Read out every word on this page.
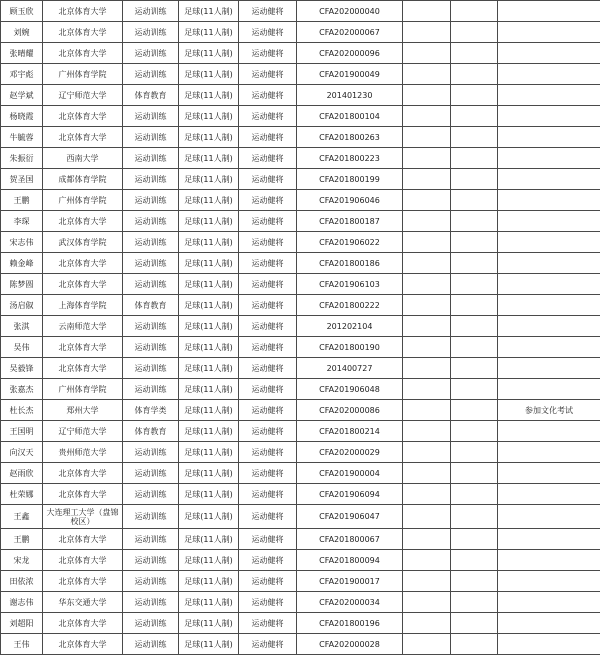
顾玉欣	北京体育大学	运动训练	足球(11人制)	运动健将	CFA202000040			
刘婉	北京体育大学	运动训练	足球(11人制)	运动健将	CFA202000067			
张晴耀	北京体育大学	运动训练	足球(11人制)	运动健将	CFA202000096			
邓宇彪	广州体育学院	运动训练	足球(11人制)	运动健将	CFA201900049			
赵学斌	辽宁师范大学	体育教育	足球(11人制)	运动健将	201401230			
杨晓霞	北京体育大学	运动训练	足球(11人制)	运动健将	CFA201800104			
牛毓蓉	北京体育大学	运动训练	足球(11人制)	运动健将	CFA201800263			
朱振衍	西南大学	运动训练	足球(11人制)	运动健将	CFA201800223			
贺圣国	成都体育学院	运动训练	足球(11人制)	运动健将	CFA201800199			
王鹏	广州体育学院	运动训练	足球(11人制)	运动健将	CFA201906046			
李琛	北京体育大学	运动训练	足球(11人制)	运动健将	CFA201800187			
宋志伟	武汉体育学院	运动训练	足球(11人制)	运动健将	CFA201906022			
赖金峰	北京体育大学	运动训练	足球(11人制)	运动健将	CFA201800186			
陈梦圆	北京体育大学	运动训练	足球(11人制)	运动健将	CFA201906103			
汤启俶	上海体育学院	体育教育	足球(11人制)	运动健将	CFA201800222			
张淇	云南师范大学	运动训练	足球(11人制)	运动健将	201202104			
吴伟	北京体育大学	运动训练	足球(11人制)	运动健将	CFA201800190			
吴毅锋	北京体育大学	运动训练	足球(11人制)	运动健将	201400727			
张嘉杰	广州体育学院	运动训练	足球(11人制)	运动健将	CFA201906048			
杜长杰	郑州大学	体育学类	足球(11人制)	运动健将	CFA202000086			参加文化考试
王国明	辽宁师范大学	体育教育	足球(11人制)	运动健将	CFA201800214			
向汉天	贵州师范大学	运动训练	足球(11人制)	运动健将	CFA202000029			
赵雨欣	北京体育大学	运动训练	足球(11人制)	运动健将	CFA201900004			
杜荣娜	北京体育大学	运动训练	足球(11人制)	运动健将	CFA201906094			
王鑫	大连理工大学（盘锦校区）	运动训练	足球(11人制)	运动健将	CFA201906047			
王鹏	北京体育大学	运动训练	足球(11人制)	运动健将	CFA201800067			
宋龙	北京体育大学	运动训练	足球(11人制)	运动健将	CFA201800094			
田依浓	北京体育大学	运动训练	足球(11人制)	运动健将	CFA201900017			
谢志伟	华东交通大学	运动训练	足球(11人制)	运动健将	CFA202000034			
刘超阳	北京体育大学	运动训练	足球(11人制)	运动健将	CFA201800196			
王伟	北京体育大学	运动训练	足球(11人制)	运动健将	CFA202000028			
